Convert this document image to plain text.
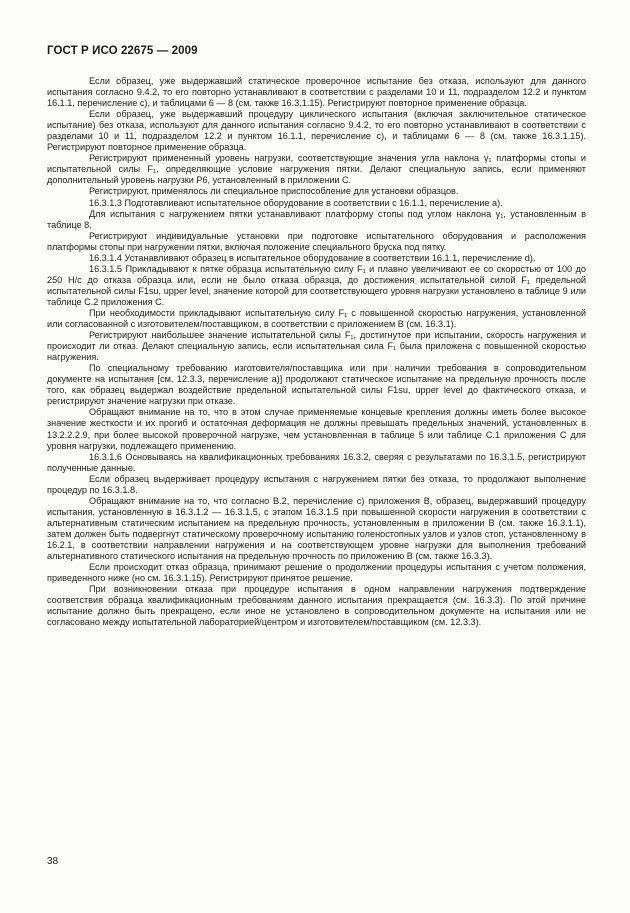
ГОСТ Р ИСО 22675 — 2009

Если образец, уже выдержавший статическое проверочное испытание без отказа, используют для данного испытания согласно 9.4.2, то его повторно устанавливают в соответствии с разделами 10 и 11, подразделом 12.2 и пунктом 16.1.1, перечисление с), и таблицами 6 — 8 (см. также 16.3.1.15). Регистрируют повторное применение образца.

Если образец, уже выдержавший процедуру циклического испытания (включая заключительное статическое испытание) без отказа, используют для данного испытания согласно 9.4.2, то его повторно устанавливают в соответствии с разделами 10 и 11, подразделом 12.2 и пунктом 16.1.1, перечисление с), и таблицами 6 — 8 (см. также 16.3.1.15). Регистрируют повторное применение образца.

Регистрируют примененный уровень нагрузки, соответствующие значения угла наклона γ₁ платформы стопы и испытательной силы F₁, определяющие условие нагружения пятки. Делают специальную запись, если применяют дополнительный уровень нагрузки Р6, установленный в приложении С.

Регистрируют, применялось ли специальное приспособление для установки образцов.

16.3.1.3 Подготавливают испытательное оборудование в соответствии с 16.1.1, перечисление а).

Для испытания с нагружением пятки устанавливают платформу стопы под углом наклона γ₁, установленным в таблице 8.

Регистрируют индивидуальные установки при подготовке испытательного оборудования и расположения платформы стопы при нагружении пятки, включая положение специального бруска под пятку.

16.3.1.4 Устанавливают образец в испытательное оборудование в соответствии 16.1.1, перечисление d).

16.3.1.5 Прикладывают к пятке образца испытательную силу F₁ и плавно увеличивают ее со скоростью от 100 до 250 Н/с до отказа образца или, если не было отказа образца, до достижения испытательной силой F₁ предельной испытательной силы F1su, upper level, значение которой для соответствующего уровня нагрузки установлено в таблице 9 или таблице С.2 приложения С.

При необходимости прикладывают испытательную силу F₁ с повышенной скоростью нагружения, установленной или согласованной с изготовителем/поставщиком, в соответствии с приложением В (см. 16.3.1).

Регистрируют наибольшее значение испытательной силы F₁, достигнутое при испытании, скорость нагружения и происходит ли отказ. Делают специальную запись, если испытательная сила F₁ была приложена с повышенной скоростью нагружения.

По специальному требованию изготовителя/поставщика или при наличии требования в сопроводительном документе на испытания [см. 12.3.3, перечисление а)] продолжают статическое испытание на предельную прочность после того, как образец выдержал воздействие предельной испытательной силы F1su, upper level до фактического отказа, и регистрируют значение нагрузки при отказе.

Обращают внимание на то, что в этом случае применяемые концевые крепления должны иметь более высокое значение жесткости и их прогиб и остаточная деформация не должны превышать предельных значений, установленных в 13.2.2.2.9, при более высокой проверочной нагрузке, чем установленная в таблице 5 или таблице С.1 приложения С для уровня нагрузки, подлежащего применению.

16.3.1.6 Основываясь на квалификационных требованиях 16.3.2, сверяя с результатами по 16.3.1.5, регистрируют полученные данные.

Если образец выдерживает процедуру испытания с нагружением пятки без отказа, то продолжают выполнение процедур по 16.3.1.8.

Обращают внимание на то, что согласно В.2, перечисление с) приложения В, образец, выдержавший процедуру испытания, установленную в 16.3.1.2 — 16.3.1.5, с этапом 16.3.1.5 при повышенной скорости нагружения в соответствии с альтернативным статическим испытанием на предельную прочность, установленным в приложении В (см. также 16.3.1.1), затем должен быть подвергнут статическому проверочному испытанию голеностопных узлов и узлов стоп, установленному в 16.2.1, в соответствии направлении нагружения и на соответствующем уровне нагрузки для выполнения требований альтернативного статического испытания на предельную прочность по приложению В (см. также 16.3.3).

Если происходит отказ образца, принимают решение о продолжении процедуры испытания с учетом положения, приведенного ниже (но см. 16.3.1.15). Регистрируют принятое решение.

При возникновении отказа при процедуре испытания в одном направлении нагружения подтверждение соответствия образца квалификационным требованиям данного испытания прекращается (см. 16.3.3). По этой причине испытание должно быть прекращено, если иное не установлено в сопроводительном документе на испытания или не согласовано между испытательной лабораторией/центром и изготовителем/поставщиком (см. 12.3.3).

38
